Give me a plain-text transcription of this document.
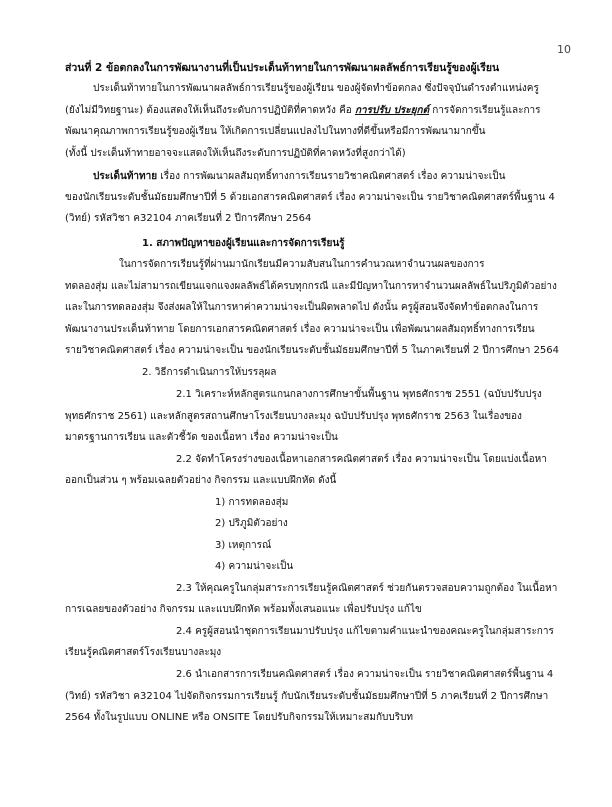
10
ส่วนที่ 2 ข้อตกลงในการพัฒนางานที่เป็นประเด็นท้าทายในการพัฒนาผลลัพธ์การเรียนรู้ของผู้เรียน
ประเด็นท้าทายในการพัฒนาผลลัพธ์การเรียนรู้ของผู้เรียน ของผู้จัดทำข้อตกลง ซึ่งปัจจุบันดำรงตำแหน่งครู
(ยังไม่มีวิทยฐานะ) ต้องแสดงให้เห็นถึงระดับการปฏิบัติที่คาดหวัง คือ การปรับ ประยุกต์ การจัดการเรียนรู้และการ
พัฒนาคุณภาพการเรียนรู้ของผู้เรียน ให้เกิดการเปลี่ยนแปลงไปในทางที่ดีขึ้นหรือมีการพัฒนามากขึ้น
(ทั้งนี้ ประเด็นท้าทายอาจจะแสดงให้เห็นถึงระดับการปฏิบัติที่คาดหวังที่สูงกว่าได้)
ประเด็นท้าทาย เรื่อง การพัฒนาผลสัมฤทธิ์ทางการเรียนรายวิชาคณิตศาสตร์ เรื่อง ความน่าจะเป็น
ของนักเรียนระดับชั้นมัธยมศึกษาปีที่ 5 ด้วยเอกสารคณิตศาสตร์ เรื่อง ความน่าจะเป็น รายวิชาคณิตศาสตร์พื้นฐาน 4
(วิทย์) รหัสวิชา ค32104 ภาคเรียนที่ 2 ปีการศึกษา 2564
1. สภาพปัญหาของผู้เรียนและการจัดการเรียนรู้
ในการจัดการเรียนรู้ที่ผ่านมานักเรียนมีความสับสนในการคำนวณหาจำนวนผลของการ
ทดลองสุ่ม และไม่สามารถเขียนแจกแจงผลลัพธ์ได้ครบทุกกรณี และมีปัญหาในการหาจำนวนผลลัพธ์ในปริภูมิตัวอย่าง
และในการทดลองสุ่ม จึงส่งผลให้ในการหาค่าความน่าจะเป็นผิดพลาดไป ดังนั้น ครูผู้สอนจึงจัดทำข้อตกลงในการ
พัฒนางานประเด็นท้าทาย โดยการเอกสารคณิตศาสตร์ เรื่อง ความน่าจะเป็น เพื่อพัฒนาผลสัมฤทธิ์ทางการเรียน
รายวิชาคณิตศาสตร์ เรื่อง ความน่าจะเป็น ของนักเรียนระดับชั้นมัธยมศึกษาปีที่ 5 ในภาคเรียนที่ 2 ปีการศึกษา 2564
2. วิธีการดำเนินการให้บรรลุผล
2.1 วิเคราะห์หลักสูตรแกนกลางการศึกษาขั้นพื้นฐาน พุทธศักราช 2551 (ฉบับปรับปรุง
พุทธศักราช 2561) และหลักสูตรสถานศึกษาโรงเรียนบางละมุง ฉบับปรับปรุง พุทธศักราช 2563 ในเรื่องของ
มาตรฐานการเรียน และตัวชี้วัด ของเนื้อหา เรื่อง ความน่าจะเป็น
2.2 จัดทำโครงร่างของเนื้อหาเอกสารคณิตศาสตร์ เรื่อง ความน่าจะเป็น โดยแบ่งเนื้อหา
ออกเป็นส่วน ๆ พร้อมเฉลยตัวอย่าง กิจกรรม และแบบฝึกหัด ดังนี้
1) การทดลองสุ่ม
2) ปริภูมิตัวอย่าง
3) เหตุการณ์
4) ความน่าจะเป็น
2.3 ให้คุณครูในกลุ่มสาระการเรียนรู้คณิตศาสตร์ ช่วยกันตรวจสอบความถูกต้อง ในเนื้อหา
การเฉลยของตัวอย่าง กิจกรรม และแบบฝึกหัด พร้อมทั้งเสนอแนะ เพื่อปรับปรุง แก้ไข
2.4 ครูผู้สอนนำชุดการเรียนมาปรับปรุง แก้ไขตามคำแนะนำของคณะครูในกลุ่มสาระการ
เรียนรู้คณิตศาสตร์โรงเรียนบางละมุง
2.6 นำเอกสารการเรียนคณิตศาสตร์ เรื่อง ความน่าจะเป็น รายวิชาคณิตศาสตร์พื้นฐาน 4
(วิทย์) รหัสวิชา ค32104 ไปจัดกิจกรรมการเรียนรู้ กับนักเรียนระดับชั้นมัธยมศึกษาปีที่ 5 ภาคเรียนที่ 2 ปีการศึกษา
2564 ทั้งในรูปแบบ ONLINE หรือ ONSITE โดยปรับกิจกรรมให้เหมาะสมกับบริบท
